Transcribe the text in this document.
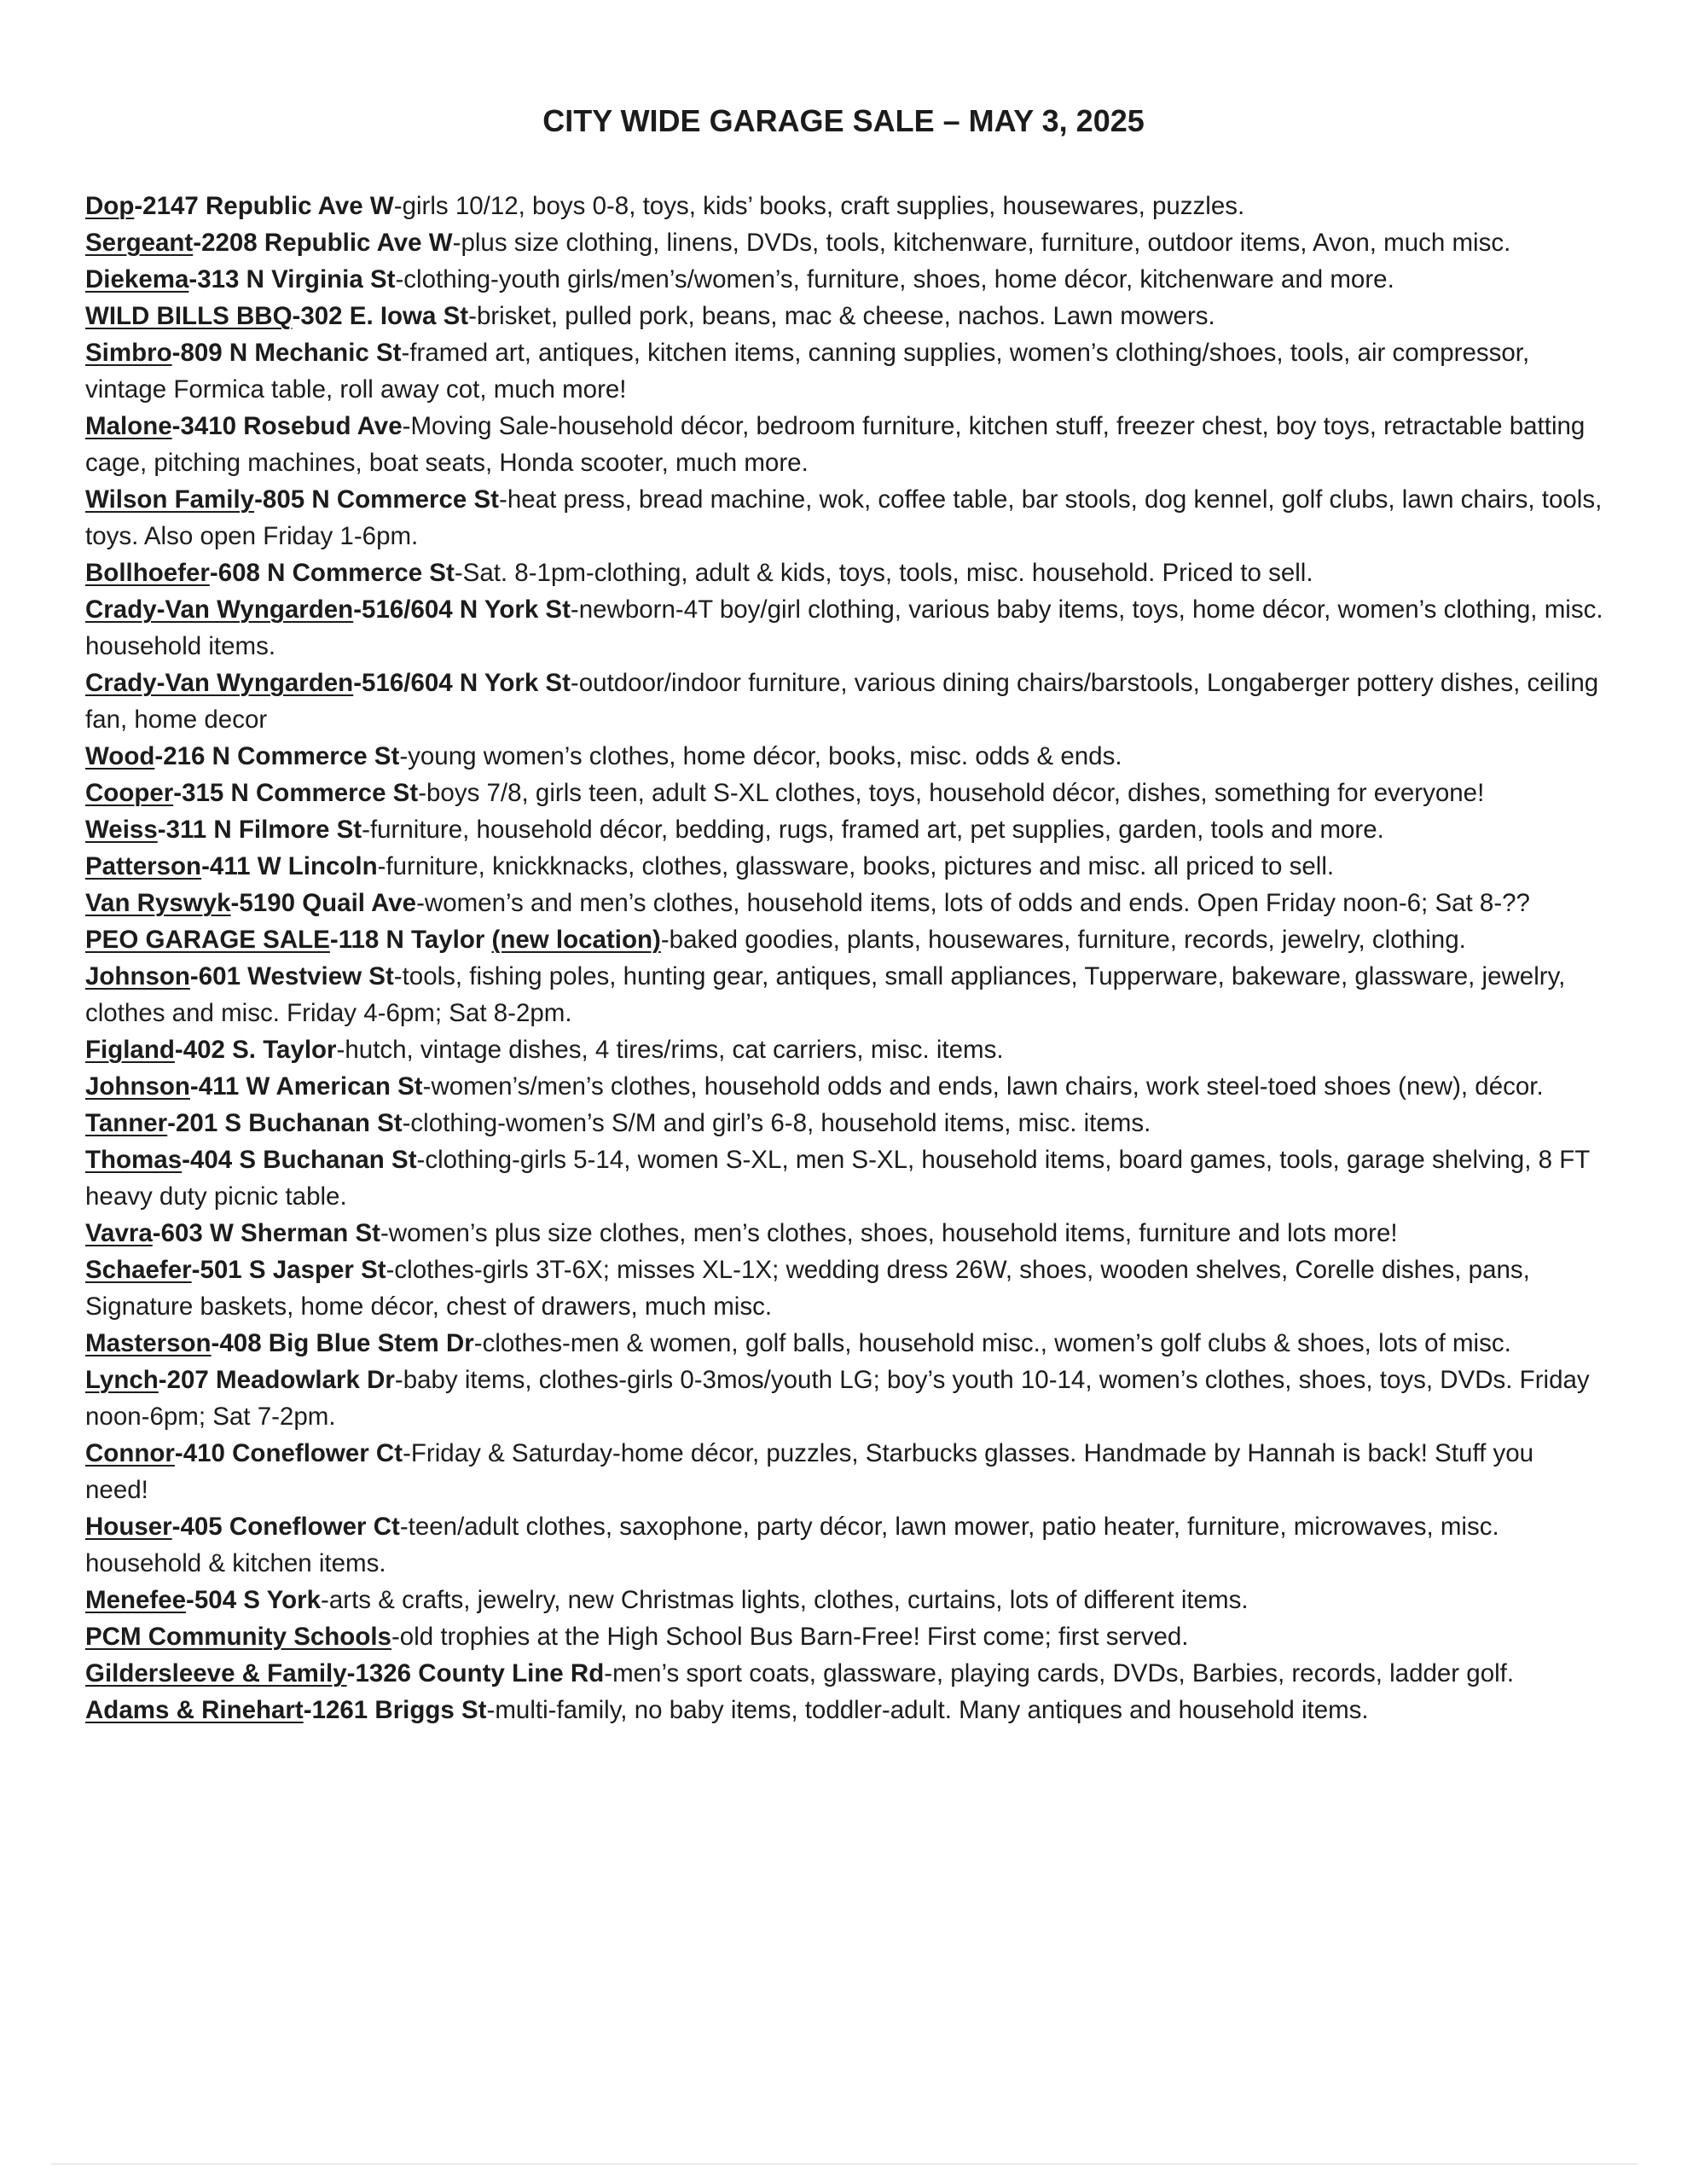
CITY WIDE GARAGE SALE – MAY 3, 2025
Dop-2147 Republic Ave W-girls 10/12, boys 0-8, toys, kids’ books, craft supplies, housewares, puzzles.
Sergeant-2208 Republic Ave W-plus size clothing, linens, DVDs, tools, kitchenware, furniture, outdoor items, Avon, much misc.
Diekema-313 N Virginia St-clothing-youth girls/men’s/women’s, furniture, shoes, home décor, kitchenware and more.
WILD BILLS BBQ-302 E. Iowa St-brisket, pulled pork, beans, mac & cheese, nachos. Lawn mowers.
Simbro-809 N Mechanic St-framed art, antiques, kitchen items, canning supplies, women’s clothing/shoes, tools, air compressor, vintage Formica table, roll away cot, much more!
Malone-3410 Rosebud Ave-Moving Sale-household décor, bedroom furniture, kitchen stuff, freezer chest, boy toys, retractable batting cage, pitching machines, boat seats, Honda scooter, much more.
Wilson Family-805 N Commerce St-heat press, bread machine, wok, coffee table, bar stools, dog kennel, golf clubs, lawn chairs, tools, toys. Also open Friday 1-6pm.
Bollhoefer-608 N Commerce St-Sat. 8-1pm-clothing, adult & kids, toys, tools, misc. household. Priced to sell.
Crady-Van Wyngarden-516/604 N York St-newborn-4T boy/girl clothing, various baby items, toys, home décor, women’s clothing, misc. household items.
Crady-Van Wyngarden-516/604 N York St-outdoor/indoor furniture, various dining chairs/barstools, Longaberger pottery dishes, ceiling fan, home decor
Wood-216 N Commerce St-young women’s clothes, home décor, books, misc. odds & ends.
Cooper-315 N Commerce St-boys 7/8, girls teen, adult S-XL clothes, toys, household décor, dishes, something for everyone!
Weiss-311 N Filmore St-furniture, household décor, bedding, rugs, framed art, pet supplies, garden, tools and more.
Patterson-411 W Lincoln-furniture, knickknacks, clothes, glassware, books, pictures and misc. all priced to sell.
Van Ryswyk-5190 Quail Ave-women’s and men’s clothes, household items, lots of odds and ends. Open Friday noon-6; Sat 8-??
PEO GARAGE SALE-118 N Taylor (new location)-baked goodies, plants, housewares, furniture, records, jewelry, clothing.
Johnson-601 Westview St-tools, fishing poles, hunting gear, antiques, small appliances, Tupperware, bakeware, glassware, jewelry, clothes and misc. Friday 4-6pm; Sat 8-2pm.
Figland-402 S. Taylor-hutch, vintage dishes, 4 tires/rims, cat carriers, misc. items.
Johnson-411 W American St-women’s/men’s clothes, household odds and ends, lawn chairs, work steel-toed shoes (new), décor.
Tanner-201 S Buchanan St-clothing-women’s S/M and girl’s 6-8, household items, misc. items.
Thomas-404 S Buchanan St-clothing-girls 5-14, women S-XL, men S-XL, household items, board games, tools, garage shelving, 8 FT heavy duty picnic table.
Vavra-603 W Sherman St-women’s plus size clothes, men’s clothes, shoes, household items, furniture and lots more!
Schaefer-501 S Jasper St-clothes-girls 3T-6X; misses XL-1X; wedding dress 26W, shoes, wooden shelves, Corelle dishes, pans, Signature baskets, home décor, chest of drawers, much misc.
Masterson-408 Big Blue Stem Dr-clothes-men & women, golf balls, household misc., women’s golf clubs & shoes, lots of misc.
Lynch-207 Meadowlark Dr-baby items, clothes-girls 0-3mos/youth LG; boy’s youth 10-14, women’s clothes, shoes, toys, DVDs. Friday noon-6pm; Sat 7-2pm.
Connor-410 Coneflower Ct-Friday & Saturday-home décor, puzzles, Starbucks glasses. Handmade by Hannah is back! Stuff you need!
Houser-405 Coneflower Ct-teen/adult clothes, saxophone, party décor, lawn mower, patio heater, furniture, microwaves, misc. household & kitchen items.
Menefee-504 S York-arts & crafts, jewelry, new Christmas lights, clothes, curtains, lots of different items.
PCM Community Schools-old trophies at the High School Bus Barn-Free! First come; first served.
Gildersleeve & Family-1326 County Line Rd-men’s sport coats, glassware, playing cards, DVDs, Barbies, records, ladder golf.
Adams & Rinehart-1261 Briggs St-multi-family, no baby items, toddler-adult. Many antiques and household items.
